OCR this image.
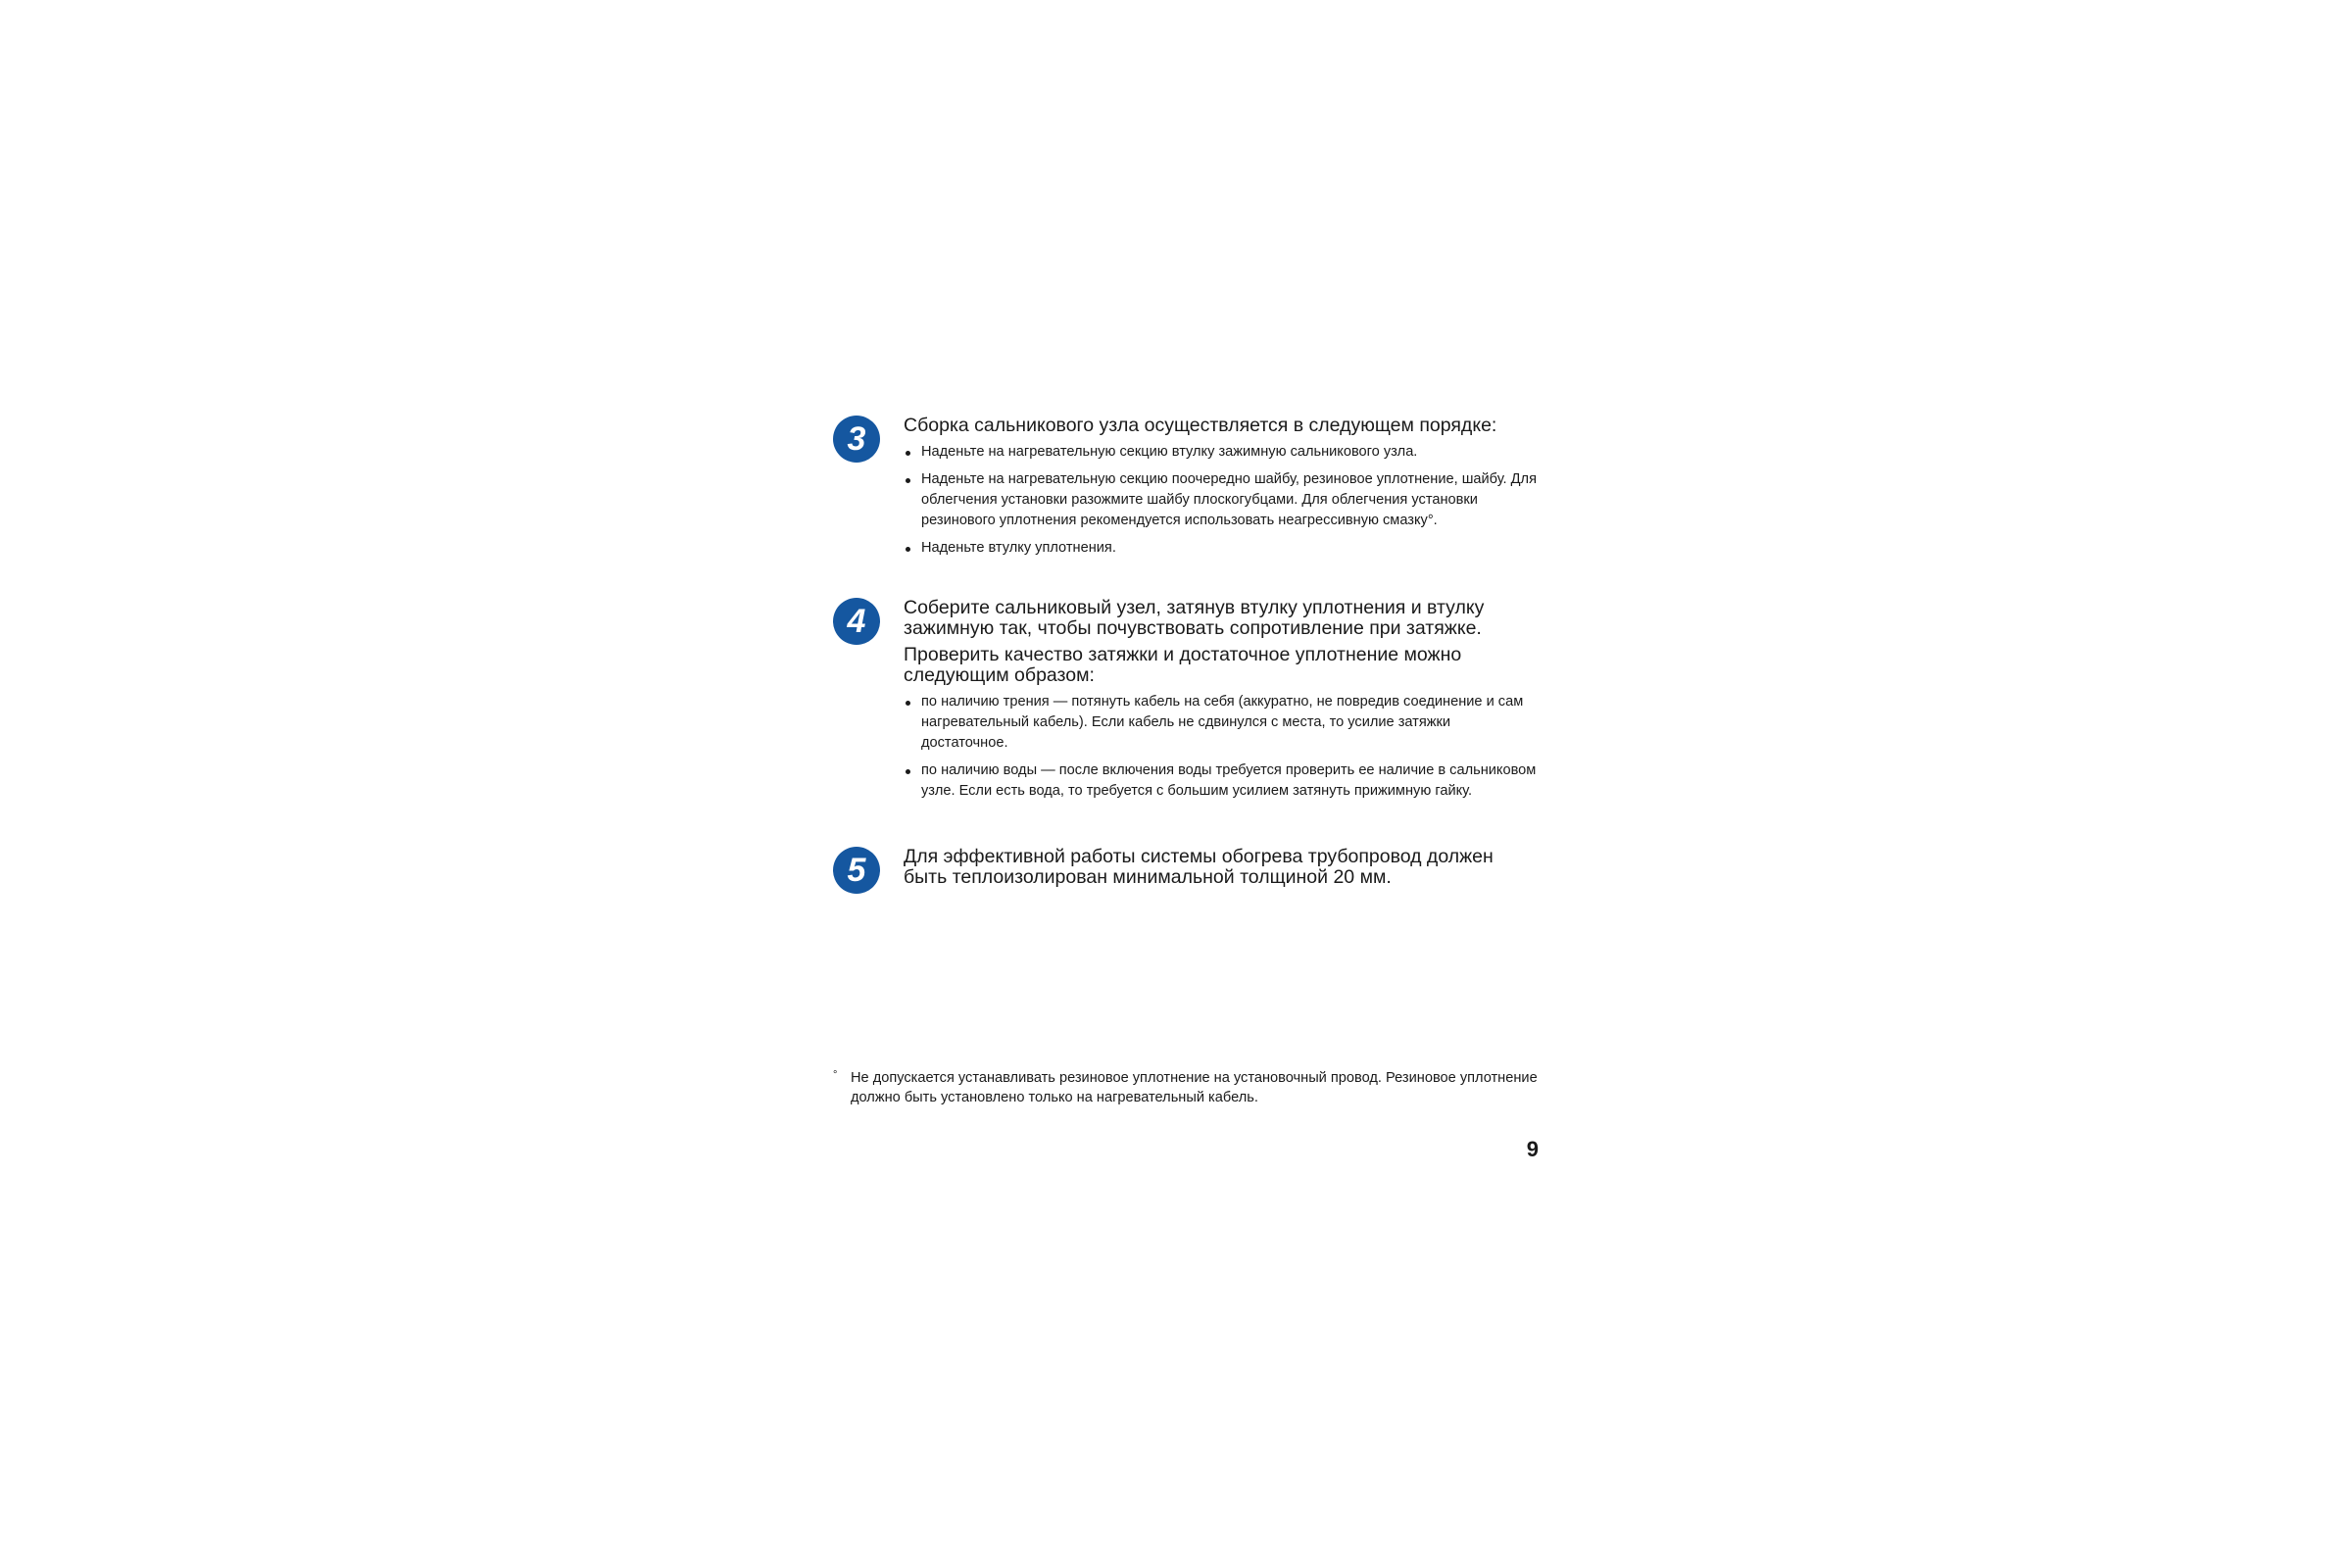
3	Сборка сальникового узла осуществляется в следующем порядке:

Наденьте на нагревательную секцию втулку зажимную сальникового узла.
Наденьте на нагревательную секцию поочередно шайбу, резиновое уплотнение, шайбу. Для облегчения установки разожмите шайбу плоскогубцами. Для облегчения установки резинового уплотнения рекомендуется использовать неагрессивную смазку°.
Наденьте втулку уплотнения.
4	Соберите сальниковый узел, затянув втулку уплотнения и втулку зажимную так, чтобы почувствовать сопротивление при затяжке.

Проверить качество затяжки и достаточное уплотнение можно следующим образом:

по наличию трения — потянуть кабель на себя (аккуратно, не повредив соединение и сам нагревательный кабель). Если кабель не сдвинулся с места, то усилие затяжки достаточное.
по наличию воды — после включения воды требуется проверить ее наличие в сальниковом узле. Если есть вода, то требуется с большим усилием затянуть прижимную гайку.
5	Для эффективной работы системы обогрева трубопровод должен быть теплоизолирован минимальной толщиной 20 мм.

° Не допускается устанавливать резиновое уплотнение на установочный провод. Резиновое уплотнение должно быть установлено только на нагревательный кабель.
9
